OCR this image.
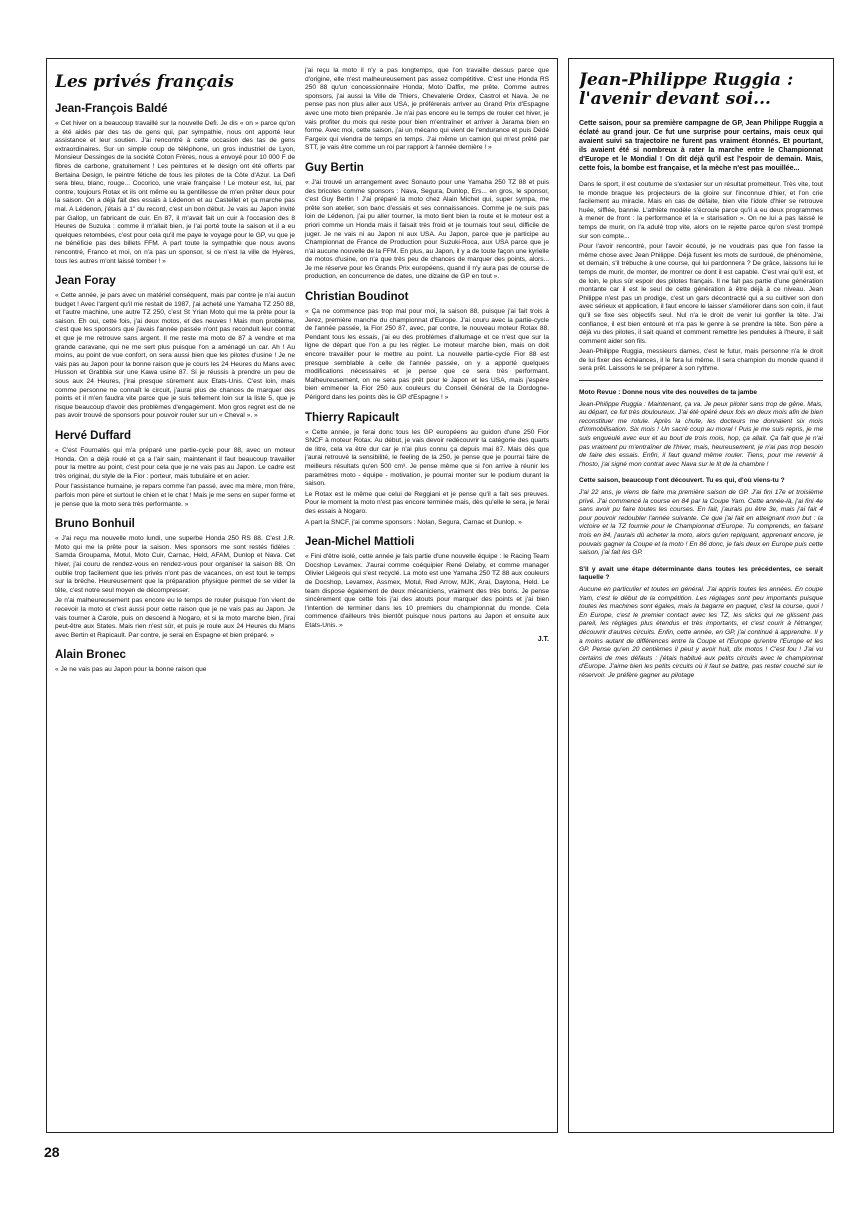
Les privés français
Jean-François Baldé

« Cet hiver on a beaucoup travaillé sur la nouvelle Defi. Je dis « on » parce qu'on a été aidés par des tas de gens qui, par sympathie, nous ont apporté leur assistance et leur soutien. J'ai rencontré à cette occasion des tas de gens extraordinaires. Sur un simple coup de téléphone, un gros industriel de Lyon, Monsieur Dessinges de la société Coton Frères, nous a envoyé pour 10 000 F de fibres de carbone, gratuitement ! Les peintures et le design ont été offerts par Bertaina Design, le peintre fétiche de tous les pilotes de la Côte d'Azur. La Defi sera bleu, blanc, rouge... Cocorico, une vraie française ! Le moteur est, lui, par contre, toujours Rotax et ils ont même eu la gentillesse de m'en prêter deux pour la saison. On a déjà fait des essais à Lédenon et au Castellet et ça marche pas mal. A Lédenon, j'étais à 1" du record, c'est un bon début. Je vais au Japon invité par Gallop, un fabricant de cuir. En 87, il m'avait fait un cuir à l'occasion des 8 Heures de Suzuka : comme il m'allait bien, je l'ai porté toute la saison et il a eu quelques retombées, c'est pour cela qu'il me paye le voyage pour le GP, vu que je ne bénéficie pas des billets FFM. A part toute la sympathie que nous avons rencontré, Franco et moi, on n'a pas un sponsor, si ce n'est la ville de Hyères, tous les autres m'ont laissé tomber ! »

Jean Foray

« Cette année, je pars avec un matériel conséquent, mais par contre je n'ai aucun budget ! Avec l'argent qu'il me restait de 1987, j'ai acheté une Yamaha TZ 250 88, et l'autre machine, une autre TZ 250, c'est St Yrian Moto qui me la prête pour la saison. Eh oui, cette fois, j'ai deux motos, et des neuves ! Mais mon problème, c'est que les sponsors que j'avais l'année passée n'ont pas reconduit leur contrat et que je me retrouve sans argent. Il me reste ma moto de 87 à vendre et ma grande caravane, qui ne me sert plus puisque l'on a aménagé un car. Ah ! Au moins, au point de vue confort, on sera aussi bien que les pilotes d'usine ! Je ne vais pas au Japon pour la bonne raison que je cours les 24 Heures du Mans avec Husson et Grabbia sur une Kawa usine 87. Si je réussis à prendre un peu de sous aux 24 Heures, j'irai presque sûrement aux Etats-Unis. C'est loin, mais comme personne ne connaît le circuit, j'aurai plus de chances de marquer des points et il m'en faudra vite parce que je suis tellement loin sur la liste 5, que je risque beaucoup d'avoir des problèmes d'engagement. Mon gros regret est de ne pas avoir trouvé de sponsors pour pouvoir rouler sur un « Cheval ». »

Hervé Duffard

« C'est Fournalès qui m'a préparé une partie-cycle pour 88, avec un moteur Honda. On a déjà roulé et ça a l'air sain, maintenant il faut beaucoup travailler pour la mettre au point, c'est pour cela que je ne vais pas au Japon. Le cadre est très original, du style de la Fior : porteur, mais tubulaire et en acier.

Pour l'assistance humaine, je repars comme l'an passé, avec ma mère, mon frère, parfois mon père et surtout le chien et le chat ! Mais je me sens en super forme et je pense que la moto sera très performante. »

Bruno Bonhuil

« J'ai reçu ma nouvelle moto lundi, une superbe Honda 250 RS 88. C'est J.R. Moto qui me la prête pour la saison. Mes sponsors me sont restés fidèles : Samda Groupama, Motul, Moto Cuir, Carnac, Held, AFAM, Dunlop et Nava. Cet hiver, j'ai couru de rendez-vous en rendez-vous pour organiser la saison 88. On oublie trop facilement que les privés n'ont pas de vacances, on est tout le temps sur la brèche. Heureusement que la préparation physique permet de se vider la tête, c'est notre seul moyen de décompresser.

Je n'ai malheureusement pas encore eu le temps de rouler puisque l'on vient de recevoir la moto et c'est aussi pour cette raison que je ne vais pas au Japon. Je vais tourner à Carole, puis on descend à Nogaro, et si la moto marche bien, j'irai peut-être aux States. Mais rien n'est sûr, et puis je roule aux 24 Heures du Mans avec Bertin et Rapicault. Par contre, je serai en Espagne et bien préparé. »

Alain Bronec

« Je ne vais pas au Japon pour la bonne raison que

j'ai reçu la moto il n'y a pas longtemps, que l'on travaille dessus parce que d'origine, elle n'est malheureusement pas assez compétitive. C'est une Honda RS 250 88 qu'un concessionnaire Honda, Moto Daffix, me prête. Comme autres sponsors, j'ai aussi la Ville de Thiers, Chevalerie Ordex, Castrol et Nava. Je ne pense pas non plus aller aux USA, je préférerais arriver au Grand Prix d'Espagne avec une moto bien préparée. Je n'ai pas encore eu le temps de rouler cet hiver, je vais profiter du mois qui reste pour bien m'entraîner et arriver à Jarama bien en forme. Avec moi, cette saison, j'ai un mécano qui vient de l'endurance et puis Dédé Fargeix qui viendra de temps en temps. J'ai même un camion qui m'est prêté par STT, je vais être comme un roi par rapport à l'année dernière ! »

Guy Bertin

« J'ai trouvé un arrangement avec Sonauto pour une Yamaha 250 TZ 88 et puis des bricoles comme sponsors : Nava, Segura, Dunlop, Ers... en gros, le sponsor, c'est Guy Bertin ! J'ai préparé la moto chez Alain Michel qui, super sympa, me prête son atelier, son banc d'essais et ses connaissances. Comme je ne suis pas loin de Lédenon, j'ai pu aller tourner, la moto tient bien la route et le moteur est a priori comme un Honda mais il faisait très froid et je tournais tout seul, difficile de juger. Je ne vais ni au Japon ni aux USA. Au Japon, parce que je participe au Championnat de France de Production pour Suzuki-Roca, aux USA parce que je n'ai aucune nouvelle de la FFM. En plus, au Japon, il y a de toute façon une kyrielle de motos d'usine, on n'a que très peu de chances de marquer des points, alors... Je me réserve pour les Grands Prix européens, quand il n'y aura pas de course de production, en concurrence de dates, une dizaine de GP en tout ».

Christian Boudinot

« Ça ne commence pas trop mal pour moi, la saison 88, puisque j'ai fait trois à Jerez, première manche du championnat d'Europe. J'ai couru avec la partie-cycle de l'année passée, la Fior 250 87, avec, par contre, le nouveau moteur Rotax 88. Pendant tous les essais, j'ai eu des problèmes d'allumage et ce n'est que sur la ligne de départ que l'on a pu les régler. Le moteur marche bien, mais on doit encore travailler pour le mettre au point. La nouvelle partie-cycle Fior 88 est presque semblable à celle de l'année passée, on y a apporté quelques modifications nécessaires et je pense que ce sera très performant. Malheureusement, on ne sera pas prêt pour le Japon et les USA, mais j'espère bien emmener la Fior 250 aux couleurs du Conseil Général de la Dordogne-Périgord dans les points dès le GP d'Espagne ! »

Thierry Rapicault

« Cette année, je ferai donc tous les GP européens au guidon d'une 250 Fior SNCF à moteur Rotax. Au début, je vais devoir redécouvrir la catégorie des quarts de litre, cela va être dur car je n'ai plus connu ça depuis mai 87. Mais dès que j'aurai retrouvé la sensibilité, le feeling de la 250, je pense que je pourrai faire de meilleurs résultats qu'en 500 cm³. Je pense même que si l'on arrive à réunir les paramètres moto - équipe - motivation, je pourrai monter sur le podium durant la saison.

Le Rotax est le même que celui de Reggiani et je pense qu'il a fait ses preuves. Pour le moment la moto n'est pas encore terminée mais, dès qu'elle le sera, je ferai des essais à Nogaro.

A part la SNCF, j'ai comme sponsors : Nolan, Segura, Carnac et Dunlop. »

Jean-Michel Mattioli

« Fini d'être isolé, cette année je fais partie d'une nouvelle équipe : le Racing Team Docshop Levamex. J'aurai comme coéquipier René Delaby, et comme manager Olivier Liégeois qui s'est recyclé. La moto est une Yamaha 250 TZ 88 aux couleurs de Docshop, Levamex, Assmex, Motul, Red Arrow, MJK, Arai, Daytona, Held. Le team dispose également de deux mécaniciens, vraiment des très bons. Je pense sincèrement que cette fois j'ai des atouts pour marquer des points et j'ai bien l'intention de terminer dans les 10 premiers du championnat du monde. Cela commence d'ailleurs très bientôt puisque nous partons au Japon et ensuite aux Etats-Unis. »

J.T.
Jean-Philippe Ruggia : l'avenir devant soi...

Cette saison, pour sa première campagne de GP, Jean Philippe Ruggia a éclaté au grand jour. Ce fut une surprise pour certains, mais ceux qui avaient suivi sa trajectoire ne furent pas vraiment étonnés. Et pourtant, ils avaient été si nombreux à rater la marche entre le Championnat d'Europe et le Mondial ! On dit déjà qu'il est l'espoir de demain. Mais, cette fois, la bombe est française, et la mèche n'est pas mouillée...

Dans le sport, il est coutume de s'extasier sur un résultat prometteur. Très vite, tout le monde braque les projecteurs de la gloire sur l'inconnue d'hier, et l'on crie facilement au miracle. Mais en cas de défaite, bien vite l'idole d'hier se retrouve huée, sifflée, bannie. L'athlète modèle s'écroule parce qu'il a eu deux programmes à mener de front : la performance et la « starisation ». On ne lui a pas laissé le temps de murir, on l'a adulé trop vite, alors on le rejette parce qu'on s'est trompé sur son compte...

Pour l'avoir rencontré, pour l'avoir écouté, je ne voudrais pas que l'on fasse la même chose avec Jean Philippe. Déjà fusent les mots de surdoué, de phénomène, et demain, s'il trébuche à une course, qui lui pardonnera ? De grâce, laissons lui le temps de murir, de monter, de montrer ce dont il est capable. C'est vrai qu'il est, et de loin, le plus sûr espoir des pilotes français. Il ne fait pas partie d'une génération montante car il est le seul de cette génération à être déjà à ce niveau. Jean Philippe n'est pas un prodige, c'est un gars décontracté qui a su cultiver son don avec sérieux et application, il faut encore le laisser s'améliorer dans son coin, il faut qu'il se fixe ses objectifs seul. Nul n'a le droit de venir lui gonfler la tête. J'ai confiance, il est bien entouré et n'a pas le genre à se prendre la tête. Son père a déjà vu des pilotes, il sait quand et comment remettre les pendules à l'heure, il sait comment aider son fils.

Jean-Philippe Ruggia, messieurs dames, c'est le futur, mais personne n'a le droit de lui fixer des échéances, il le fera lui même. Il sera champion du monde quand il sera prêt. Laissons le se préparer à son rythme.

Moto Revue : Donne nous vite des nouvelles de ta jambe

Jean-Philippe Ruggia : Maintenant, ça va. Je peux piloter sans trop de gêne. Mais, au départ, ce fut très douloureux. J'ai été opéré deux fois en deux mois afin de bien reconstituer me rotule. Après la chute, les docteurs me donnaient six mois d'immobilisation. Six mois ! Un sacré coup au moral ! Puis je me suis repris, je me suis engueulé avec eux et au bout de trois mois, hop, ça allait. Ça fait que je n'ai pas vraiment pu m'entraîner de l'hiver, mais, heureusement, je n'ai pas trop besoin de faire des essais. Enfin, il faut quand même rouler. Tiens, pour me revenir à l'hosto, j'ai signé mon contrat avec Nava sur le lit de la chambre !

Cette saison, beaucoup t'ont découvert. Tu es qui, d'où viens-tu ?

J'ai 22 ans, je viens de faire ma première saison de GP. J'ai fini 17e et troisième privé. J'ai commencé la course en 84 par la Coupe Yam. Cette année-là, j'ai fini 4e sans avoir pu faire toutes les courses. En fait, j'aurais pu être 3e, mais j'ai fait 4 pour pouvoir redoubler l'année suivante. Ce que j'ai fait en atteignant mon but : la victoire et la TZ fournie pour le Championnat d'Europe. Tu comprends, en faisant trois en 84, j'aurais dû acheter la moto, alors qu'en repiquant, apprenant encore, je pouvais gagner la Coupe et la moto ! En 86 donc, je fais deux en Europe puis cette saison, j'ai fait les GP.

S'il y avait une étape déterminante dans toutes les précédentes, ce serait laquelle ?

Aucune en particulier et toutes en général. J'ai appris toutes les années. En coupe Yam, c'est le début de la compétition. Les réglages sont peu importants puisque toutes les machines sont égales, mais la bagarre en paquet, c'est la course, quoi ! En Europe, c'est le premier contact avec les TZ, les slicks qui ne glissent pas pareil, les réglages plus étendus et très importants, et c'est courir à l'étranger, découvrir d'autres circuits. Enfin, cette année, en GP, j'ai continué à apprendre. Il y a moins autant de différences entre la Coupe et l'Europe qu'entre l'Europe et les GP. Pense qu'en 20 centièmes il peut y avoir huit, dix motos ! C'est fou ! J'ai vu certains de mes défauts : j'étais habitué aux petits circuits avec le championnat d'Europe. J'aime bien les petits circuits où il faut se battre, pas rester couché sur le réservoir. Je préfère gagner au pilotage

28
